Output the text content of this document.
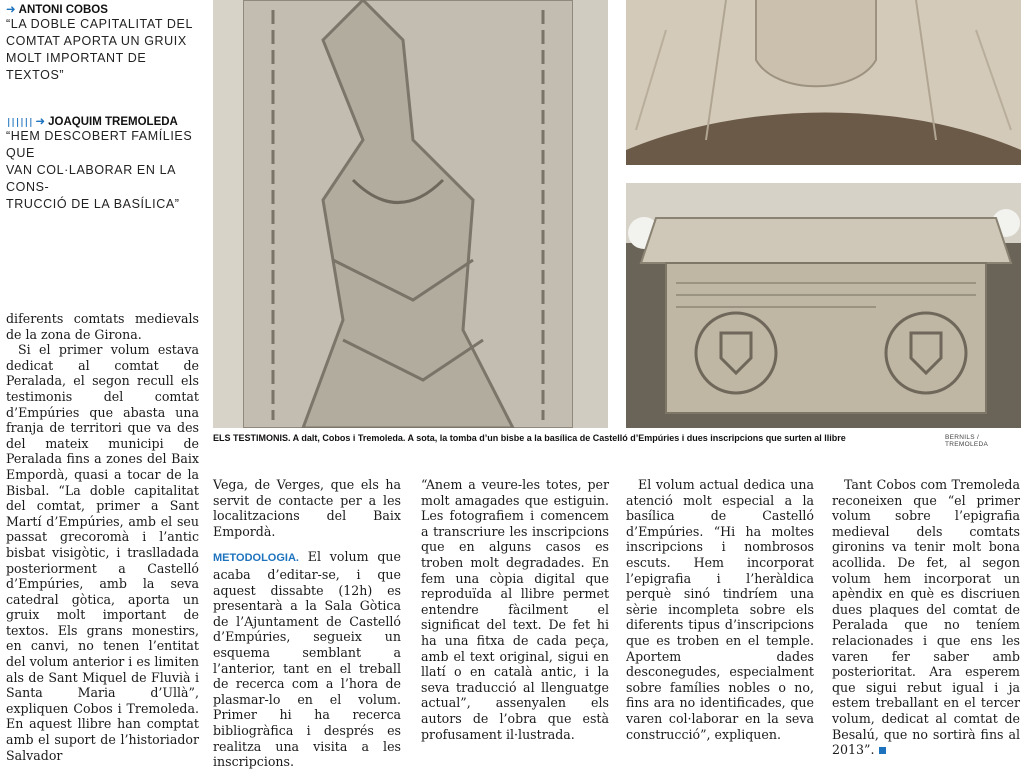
➜ ANTONI COBOS
“LA DOBLE CAPITALITAT DEL
COMTAT APORTA UN GRUIX
MOLT IMPORTANT DE TEXTOS”
|||||| ➜ JOAQUIM TREMOLEDA
“HEM DESCOBERT FAMÍLIES QUE
VAN COL·LABORAR EN LA CONS-
TRUCCIÓ DE LA BASÍLICA”
ELS TESTIMONIS. A dalt, Cobos i Tremoleda. A sota, la tomba d’un bisbe a la basílica de Castelló d’Empúries i dues inscripcions que surten al llibre	BERNILS / TREMOLEDA

diferents comtats medievals de la zona de Girona.

Si el primer volum estava dedicat al comtat de Peralada, el segon recull els testimonis del comtat d’Empúries que abasta una franja de territori que va des del mateix municipi de Peralada fins a zones del Baix Empordà, quasi a tocar de la Bisbal. “La doble capitalitat del comtat, primer a Sant Martí d’Empúries, amb el seu passat grecoromà i l’antic bisbat visigòtic, i traslladada posteriorment a Castelló d’Empúries, amb la seva catedral gòtica, aporta un gruix molt important de textos. Els grans monestirs, en canvi, no tenen l’entitat del volum anterior i es limiten als de Sant Miquel de Fluvià i Santa Maria d’Ullà”, expliquen Cobos i Tremoleda. En aquest llibre han comptat amb el suport de l’historiador Salvador

Vega, de Verges, que els ha servit de contacte per a les localitzacions del Baix Empordà.

METODOLOGIA. El volum que acaba d’editar-se, i que aquest dissabte (12h) es presentarà a la Sala Gòtica de l’Ajuntament de Castelló d’Empúries, segueix un esquema semblant a l’anterior, tant en el treball de recerca com a l’hora de plasmar-lo en el volum. Primer hi ha recerca bibliogràfica i després es realitza una visita a les inscripcions.

“Anem a veure-les totes, per molt amagades que estiguin. Les fotografiem i comencem a transcriure les inscripcions que en alguns casos es troben molt degradades. En fem una còpia digital que reproduïda al llibre permet entendre fàcilment el significat del text. De fet hi ha una fitxa de cada peça, amb el text original, sigui en llatí o en català antic, i la seva traducció al llenguatge actual”, assenyalen els autors de l’obra que està profusament il·lustrada.

El volum actual dedica una atenció molt especial a la basílica de Castelló d’Empúries. “Hi ha moltes inscripcions i nombrosos escuts. Hem incorporat l’epigrafia i l’heràldica perquè sinó tindríem una sèrie incompleta sobre els diferents tipus d’inscripcions que es troben en el temple. Aportem dades desconegudes, especialment sobre famílies nobles o no, fins ara no identificades, que varen col·laborar en la seva construcció”, expliquen.

Tant Cobos com Tremoleda reconeixen que “el primer volum sobre l’epigrafia medieval dels comtats gironins va tenir molt bona acollida. De fet, al segon volum hem incorporat un apèndix en què es discriuen dues plaques del comtat de Peralada que no teníem relacionades i que ens les varen fer saber amb posterioritat. Ara esperem que sigui rebut igual i ja estem treballant en el tercer volum, dedicat al comtat de Besalú, que no sortirà fins al 2013”.
